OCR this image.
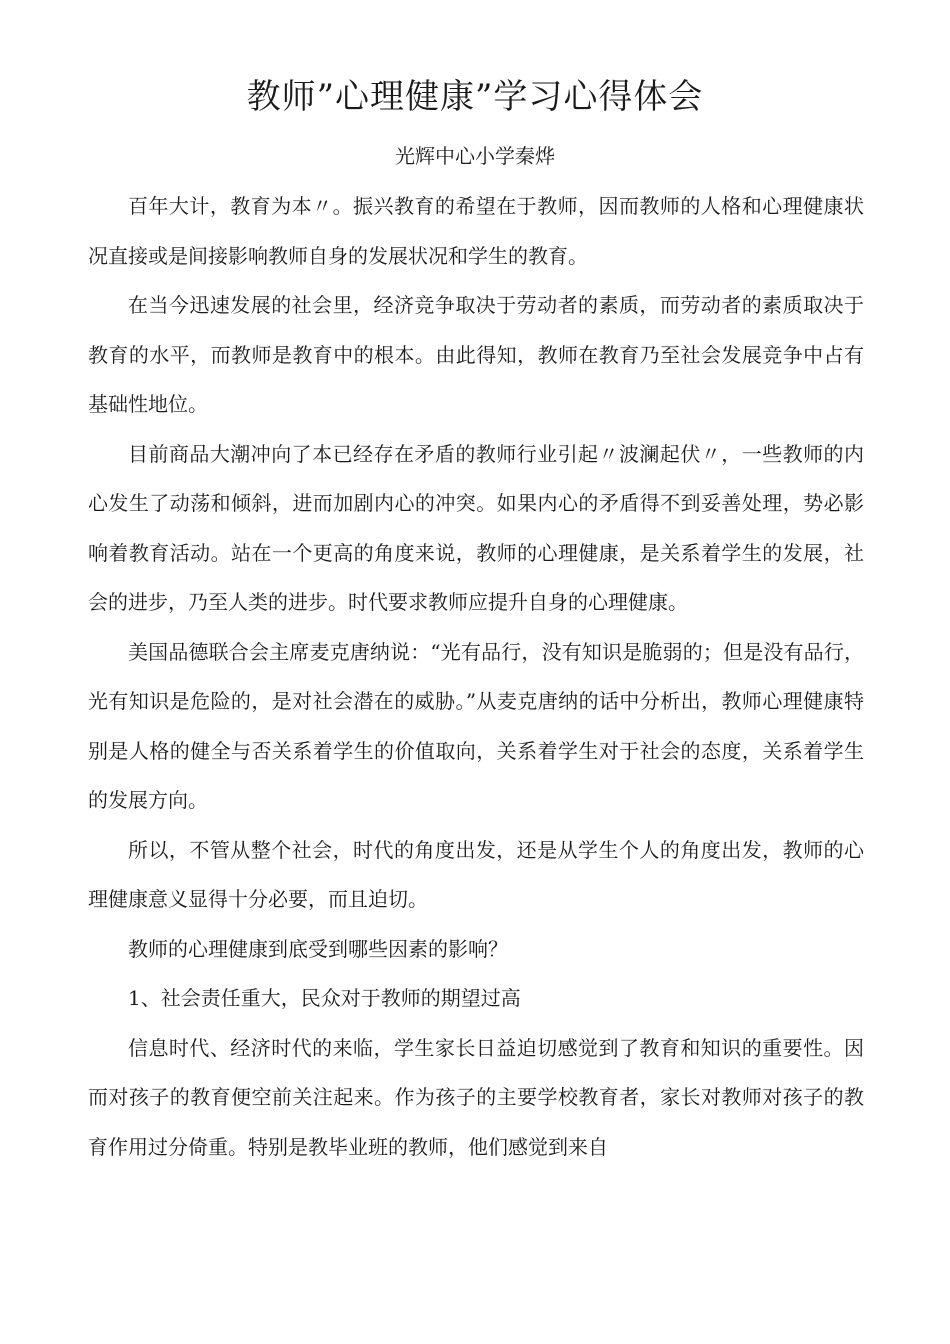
教师”心理健康”学习心得体会
光辉中心小学秦烨

百年大计，教育为本〃。振兴教育的希望在于教师，因而教师的人格和心理健康状况直接或是间接影响教师自身的发展状况和学生的教育。

在当今迅速发展的社会里，经济竞争取决于劳动者的素质，而劳动者的素质取决于教育的水平，而教师是教育中的根本。由此得知，教师在教育乃至社会发展竞争中占有基础性地位。

目前商品大潮冲向了本已经存在矛盾的教师行业引起〃波澜起伏〃，一些教师的内心发生了动荡和倾斜，进而加剧内心的冲突。如果内心的矛盾得不到妥善处理，势必影响着教育活动。站在一个更高的角度来说，教师的心理健康，是关系着学生的发展，社会的进步，乃至人类的进步。时代要求教师应提升自身的心理健康。

美国品德联合会主席麦克唐纳说：“光有品行，没有知识是脆弱的；但是没有品行，光有知识是危险的，是对社会潜在的威胁。”从麦克唐纳的话中分析出，教师心理健康特别是人格的健全与否关系着学生的价值取向，关系着学生对于社会的态度，关系着学生的发展方向。

所以，不管从整个社会，时代的角度出发，还是从学生个人的角度出发，教师的心理健康意义显得十分必要，而且迫切。

教师的心理健康到底受到哪些因素的影响？

1、社会责任重大，民众对于教师的期望过高

信息时代、经济时代的来临，学生家长日益迫切感觉到了教育和知识的重要性。因而对孩子的教育便空前关注起来。作为孩子的主要学校教育者，家长对教师对孩子的教育作用过分倚重。特别是教毕业班的教师，他们感觉到来自
